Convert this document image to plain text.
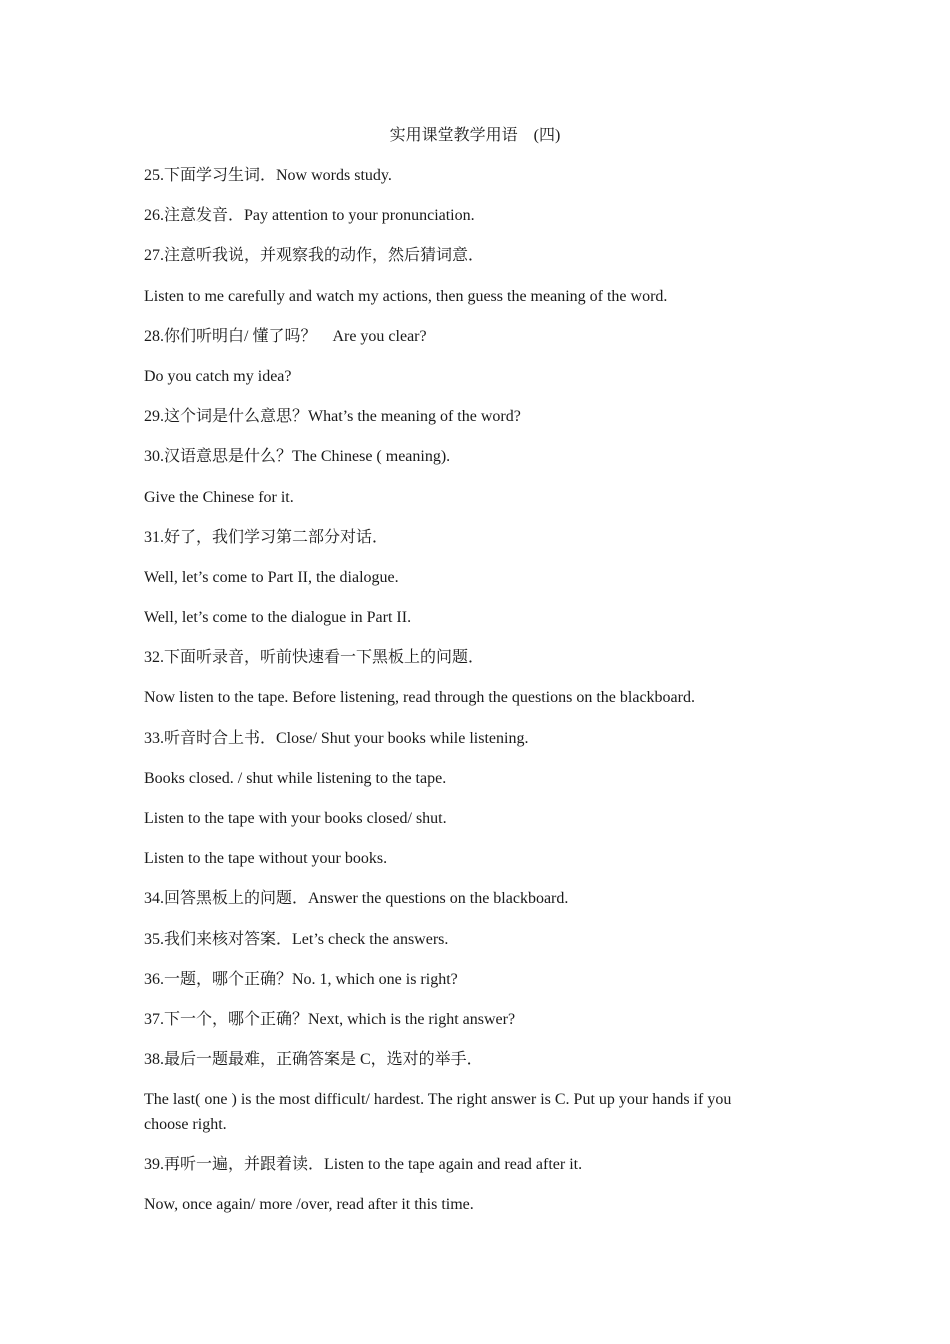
实用课堂教学用语    (四)
25.下面学习生词．Now words study.
26.注意发音．Pay attention to your pronunciation.
27.注意听我说，并观察我的动作，然后猜词意．
Listen to me carefully and watch my actions, then guess the meaning of the word.
28.你们听明白/ 懂了吗？    Are you clear?
Do you catch my idea?
29.这个词是什么意思？What’s the meaning of the word?
30.汉语意思是什么？The Chinese ( meaning).
Give the Chinese for it.
31.好了，我们学习第二部分对话．
Well, let’s come to Part II, the dialogue.
Well, let’s come to the dialogue in Part II.
32.下面听录音，听前快速看一下黑板上的问题．
Now listen to the tape. Before listening, read through the questions on the blackboard.
33.听音时合上书．Close/ Shut your books while listening.
Books closed. / shut while listening to the tape.
Listen to the tape with your books closed/ shut.
Listen to the tape without your books.
34.回答黑板上的问题．Answer the questions on the blackboard.
35.我们来核对答案．Let’s check the answers.
36.一题，哪个正确？No. 1, which one is right?
37.下一个，哪个正确？Next, which is the right answer?
38.最后一题最难，正确答案是 C，选对的举手．
The last( one ) is the most difficult/ hardest. The right answer is C. Put up your hands if you choose right.
39.再听一遍，并跟着读．Listen to the tape again and read after it.
Now, once again/ more /over, read after it this time.
